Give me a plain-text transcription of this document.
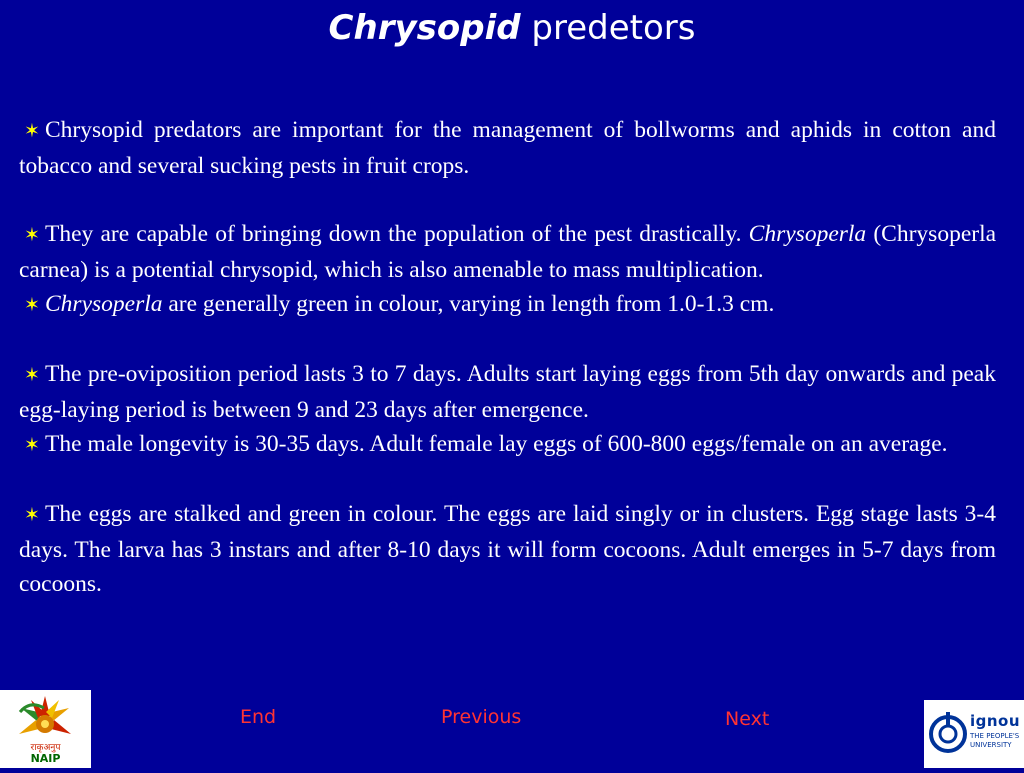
Chrysopid predetors

✶ Chrysopid predators are important for the management of bollworms and aphids in cotton and tobacco and several sucking pests in fruit crops.

✶ They are capable of bringing down the population of the pest drastically. Chrysoperla (Chrysoperla carnea) is a potential chrysopid, which is also amenable to mass multiplication.

✶ Chrysoperla are generally green in colour, varying in length from 1.0-1.3 cm.

✶ The pre-oviposition period lasts 3 to 7 days. Adults start laying eggs from 5th day onwards and peak egg-laying period is between 9 and 23 days after emergence.

✶ The male longevity is 30-35 days. Adult female lay eggs of 600-800 eggs/female on an average.

✶ The eggs are stalked and green in colour. The eggs are laid singly or in clusters. Egg stage lasts 3-4 days. The larva has 3 instars and after 8-10 days it will form cocoons. Adult emerges in 5-7 days from cocoons.

End	Previous	Next
राकृअनुप
NAIP
ignou
THE PEOPLE'S UNIVERSITY
